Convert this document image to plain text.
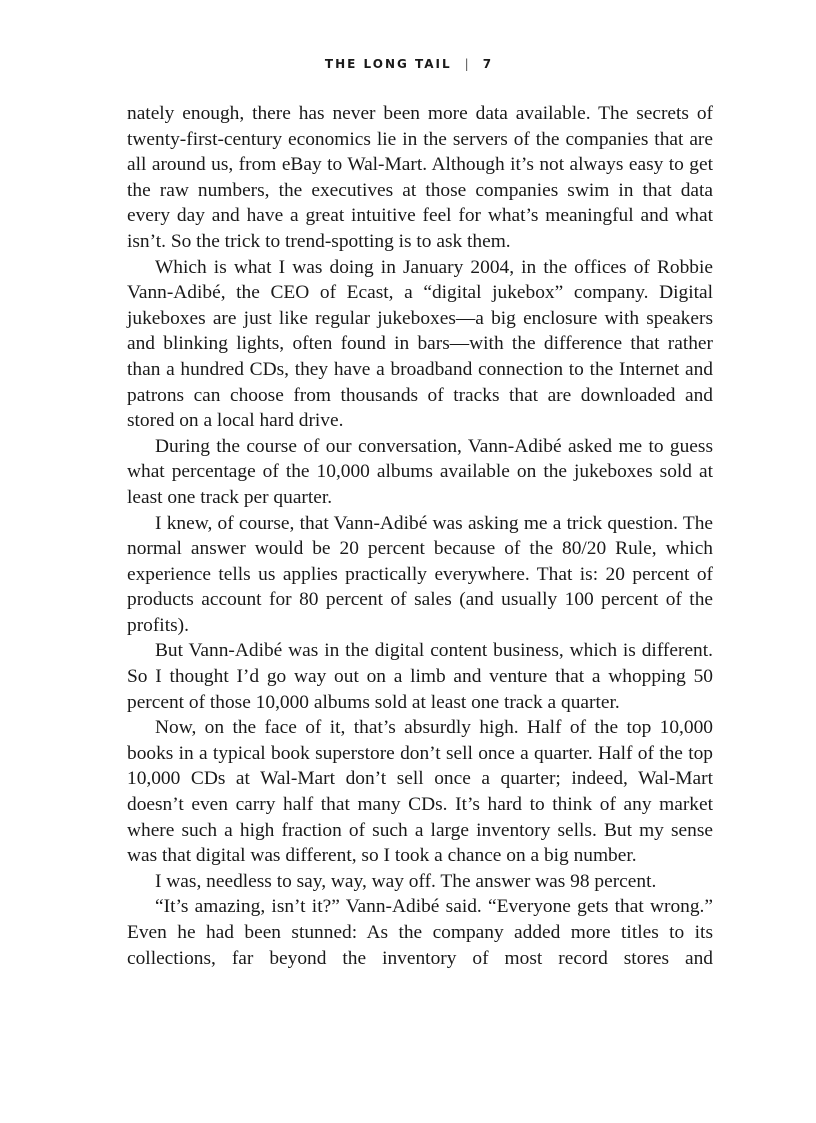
THE LONG TAIL | 7

nately enough, there has never been more data available. The secrets of twenty-first-century economics lie in the servers of the companies that are all around us, from eBay to Wal-Mart. Although it’s not always easy to get the raw numbers, the executives at those companies swim in that data every day and have a great intuitive feel for what’s meaningful and what isn’t. So the trick to trend-spotting is to ask them.

Which is what I was doing in January 2004, in the offices of Robbie Vann-Adibé, the CEO of Ecast, a “digital jukebox” company. Digital jukeboxes are just like regular jukeboxes—a big enclosure with speakers and blinking lights, often found in bars—with the difference that rather than a hundred CDs, they have a broadband connection to the Internet and patrons can choose from thousands of tracks that are downloaded and stored on a local hard drive.

During the course of our conversation, Vann-Adibé asked me to guess what percentage of the 10,000 albums available on the jukeboxes sold at least one track per quarter.

I knew, of course, that Vann-Adibé was asking me a trick question. The normal answer would be 20 percent because of the 80/20 Rule, which experience tells us applies practically everywhere. That is: 20 percent of products account for 80 percent of sales (and usually 100 percent of the profits).

But Vann-Adibé was in the digital content business, which is different. So I thought I’d go way out on a limb and venture that a whopping 50 percent of those 10,000 albums sold at least one track a quarter.

Now, on the face of it, that’s absurdly high. Half of the top 10,000 books in a typical book superstore don’t sell once a quarter. Half of the top 10,000 CDs at Wal-Mart don’t sell once a quarter; indeed, Wal-Mart doesn’t even carry half that many CDs. It’s hard to think of any market where such a high fraction of such a large inventory sells. But my sense was that digital was different, so I took a chance on a big number.

I was, needless to say, way, way off. The answer was 98 percent.

“It’s amazing, isn’t it?” Vann-Adibé said. “Everyone gets that wrong.” Even he had been stunned: As the company added more titles to its collections, far beyond the inventory of most record stores and
